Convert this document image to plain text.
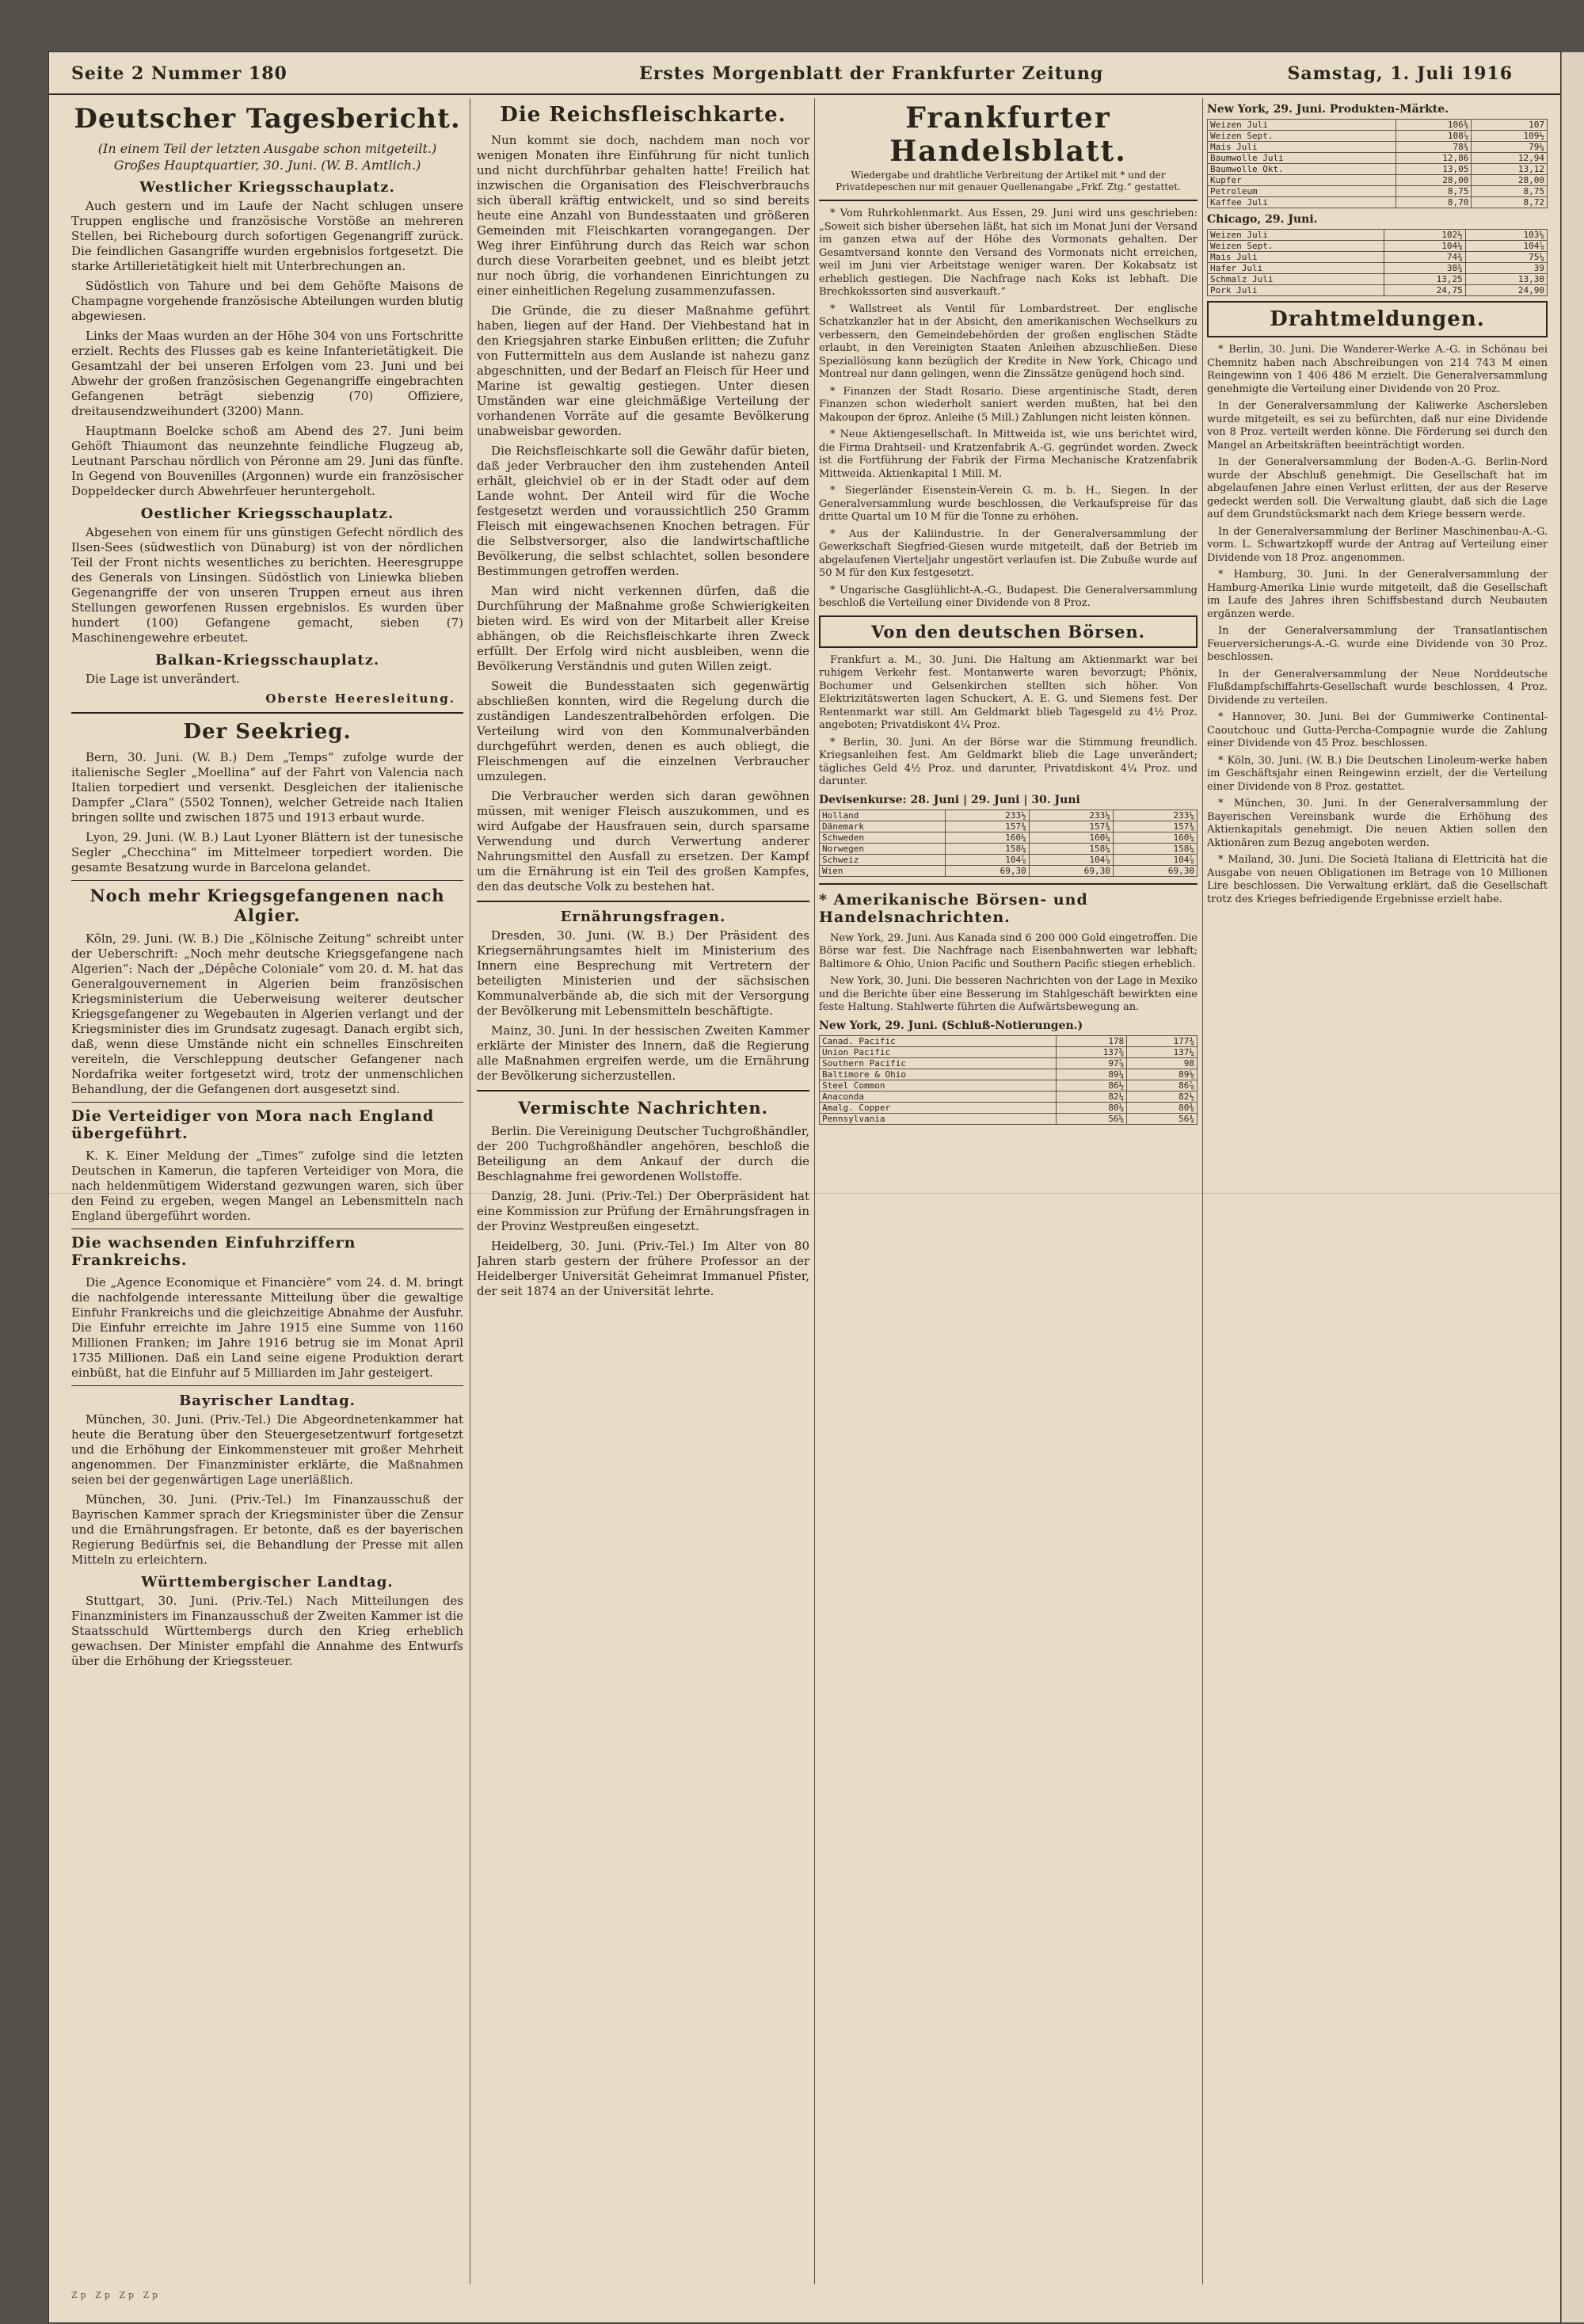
Seite 2 Nummer 180	Erstes Morgenblatt der Frankfurter Zeitung	Samstag, 1. Juli 1916
Deutscher Tagesbericht.
(In einem Teil der letzten Ausgabe schon mitgeteilt.)
Großes Hauptquartier, 30. Juni. (W. B. Amtlich.)
Westlicher Kriegsschauplatz.

Auch gestern und im Laufe der Nacht schlugen unsere Truppen englische und französische Vorstöße an mehreren Stellen, bei Richebourg durch sofortigen Gegenangriff zurück. Die feindlichen Gasangriffe wurden ergebnislos fortgesetzt. Die starke Artillerietätigkeit hielt mit Unterbrechungen an.

Südöstlich von Tahure und bei dem Gehöfte Maisons de Champagne vorgehende französische Abteilungen wurden blutig abgewiesen.

Links der Maas wurden an der Höhe 304 von uns Fortschritte erzielt. Rechts des Flusses gab es keine Infanterietätigkeit. Die Gesamtzahl der bei unseren Erfolgen vom 23. Juni und bei Abwehr der großen französischen Gegenangriffe eingebrachten Gefangenen beträgt siebenzig (70) Offiziere, dreitausendzweihundert (3200) Mann.

Hauptmann Boelcke schoß am Abend des 27. Juni beim Gehöft Thiaumont das neunzehnte feindliche Flugzeug ab, Leutnant Parschau nördlich von Péronne am 29. Juni das fünfte. In Gegend von Bouvenilles (Argonnen) wurde ein französischer Doppeldecker durch Abwehrfeuer heruntergeholt.

Oestlicher Kriegsschauplatz.

Abgesehen von einem für uns günstigen Gefecht nördlich des Ilsen-Sees (südwestlich von Dünaburg) ist von der nördlichen Teil der Front nichts wesentliches zu berichten. Heeresgruppe des Generals von Linsingen. Südöstlich von Liniewka blieben Gegenangriffe der von unseren Truppen erneut aus ihren Stellungen geworfenen Russen ergebnislos. Es wurden über hundert (100) Gefangene gemacht, sieben (7) Maschinengewehre erbeutet.

Balkan-Kriegsschauplatz.

Die Lage ist unverändert.

Oberste Heeresleitung.
Der Seekrieg.

Bern, 30. Juni. (W. B.) Dem „Temps“ zufolge wurde der italienische Segler „Moellina“ auf der Fahrt von Valencia nach Italien torpediert und versenkt. Desgleichen der italienische Dampfer „Clara“ (5502 Tonnen), welcher Getreide nach Italien bringen sollte und zwischen 1875 und 1913 erbaut wurde.

Lyon, 29. Juni. (W. B.) Laut Lyoner Blättern ist der tunesische Segler „Checchina“ im Mittelmeer torpediert worden. Die gesamte Besatzung wurde in Barcelona gelandet.

Noch mehr Kriegsgefangenen nach Algier.

Köln, 29. Juni. (W. B.) Die „Kölnische Zeitung“ schreibt unter der Ueberschrift: „Noch mehr deutsche Kriegsgefangene nach Algerien“: Nach der „Dépêche Coloniale“ vom 20. d. M. hat das Generalgouvernement in Algerien beim französischen Kriegsministerium die Ueberweisung weiterer deutscher Kriegsgefangener zu Wegebauten in Algerien verlangt und der Kriegsminister dies im Grundsatz zugesagt. Danach ergibt sich, daß, wenn diese Umstände nicht ein schnelles Einschreiten vereiteln, die Verschleppung deutscher Gefangener nach Nordafrika weiter fortgesetzt wird, trotz der unmenschlichen Behandlung, der die Gefangenen dort ausgesetzt sind.

Die Verteidiger von Mora nach England übergeführt.

K. K. Einer Meldung der „Times“ zufolge sind die letzten Deutschen in Kamerun, die tapferen Verteidiger von Mora, die nach heldenmütigem Widerstand gezwungen waren, sich über den Feind zu ergeben, wegen Mangel an Lebensmitteln nach England übergeführt worden.

Die wachsenden Einfuhrziffern Frankreichs.

Die „Agence Economique et Financière“ vom 24. d. M. bringt die nachfolgende interessante Mitteilung über die gewaltige Einfuhr Frankreichs und die gleichzeitige Abnahme der Ausfuhr. Die Einfuhr erreichte im Jahre 1915 eine Summe von 1160 Millionen Franken; im Jahre 1916 betrug sie im Monat April 1735 Millionen. Daß ein Land seine eigene Produktion derart einbüßt, hat die Einfuhr auf 5 Milliarden im Jahr gesteigert.

Bayrischer Landtag.

München, 30. Juni. (Priv.-Tel.) Die Abgeordnetenkammer hat heute die Beratung über den Steuergesetzentwurf fortgesetzt und die Erhöhung der Einkommensteuer mit großer Mehrheit angenommen. Der Finanzminister erklärte, die Maßnahmen seien bei der gegenwärtigen Lage unerläßlich.

München, 30. Juni. (Priv.-Tel.) Im Finanzausschuß der Bayrischen Kammer sprach der Kriegsminister über die Zensur und die Ernährungsfragen. Er betonte, daß es der bayerischen Regierung Bedürfnis sei, die Behandlung der Presse mit allen Mitteln zu erleichtern.

Württembergischer Landtag.

Stuttgart, 30. Juni. (Priv.-Tel.) Nach Mitteilungen des Finanzministers im Finanzausschuß der Zweiten Kammer ist die Staatsschuld Württembergs durch den Krieg erheblich gewachsen. Der Minister empfahl die Annahme des Entwurfs über die Erhöhung der Kriegssteuer.

Die Reichsfleischkarte.

Nun kommt sie doch, nachdem man noch vor wenigen Monaten ihre Einführung für nicht tunlich und nicht durchführbar gehalten hatte! Freilich hat inzwischen die Organisation des Fleischverbrauchs sich überall kräftig entwickelt, und so sind bereits heute eine Anzahl von Bundesstaaten und größeren Gemeinden mit Fleischkarten vorangegangen. Der Weg ihrer Einführung durch das Reich war schon durch diese Vorarbeiten geebnet, und es bleibt jetzt nur noch übrig, die vorhandenen Einrichtungen zu einer einheitlichen Regelung zusammenzufassen.

Die Gründe, die zu dieser Maßnahme geführt haben, liegen auf der Hand. Der Viehbestand hat in den Kriegsjahren starke Einbußen erlitten; die Zufuhr von Futtermitteln aus dem Auslande ist nahezu ganz abgeschnitten, und der Bedarf an Fleisch für Heer und Marine ist gewaltig gestiegen. Unter diesen Umständen war eine gleichmäßige Verteilung der vorhandenen Vorräte auf die gesamte Bevölkerung unabweisbar geworden.

Die Reichsfleischkarte soll die Gewähr dafür bieten, daß jeder Verbraucher den ihm zustehenden Anteil erhält, gleichviel ob er in der Stadt oder auf dem Lande wohnt. Der Anteil wird für die Woche festgesetzt werden und voraussichtlich 250 Gramm Fleisch mit eingewachsenen Knochen betragen. Für die Selbstversorger, also die landwirtschaftliche Bevölkerung, die selbst schlachtet, sollen besondere Bestimmungen getroffen werden.

Man wird nicht verkennen dürfen, daß die Durchführung der Maßnahme große Schwierigkeiten bieten wird. Es wird von der Mitarbeit aller Kreise abhängen, ob die Reichsfleischkarte ihren Zweck erfüllt. Der Erfolg wird nicht ausbleiben, wenn die Bevölkerung Verständnis und guten Willen zeigt.

Soweit die Bundesstaaten sich gegenwärtig abschließen konnten, wird die Regelung durch die zuständigen Landeszentralbehörden erfolgen. Die Verteilung wird von den Kommunalverbänden durchgeführt werden, denen es auch obliegt, die Fleischmengen auf die einzelnen Verbraucher umzulegen.

Die Verbraucher werden sich daran gewöhnen müssen, mit weniger Fleisch auszukommen, und es wird Aufgabe der Hausfrauen sein, durch sparsame Verwendung und durch Verwertung anderer Nahrungsmittel den Ausfall zu ersetzen. Der Kampf um die Ernährung ist ein Teil des großen Kampfes, den das deutsche Volk zu bestehen hat.

Ernährungsfragen.

Dresden, 30. Juni. (W. B.) Der Präsident des Kriegsernährungsamtes hielt im Ministerium des Innern eine Besprechung mit Vertretern der beteiligten Ministerien und der sächsischen Kommunalverbände ab, die sich mit der Versorgung der Bevölkerung mit Lebensmitteln beschäftigte.

Mainz, 30. Juni. In der hessischen Zweiten Kammer erklärte der Minister des Innern, daß die Regierung alle Maßnahmen ergreifen werde, um die Ernährung der Bevölkerung sicherzustellen.

Vermischte Nachrichten.

Berlin. Die Vereinigung Deutscher Tuchgroßhändler, der 200 Tuchgroßhändler angehören, beschloß die Beteiligung an dem Ankauf der durch die Beschlagnahme frei gewordenen Wollstoffe.

Danzig, 28. Juni. (Priv.-Tel.) Der Oberpräsident hat eine Kommission zur Prüfung der Ernährungsfragen in der Provinz Westpreußen eingesetzt.

Heidelberg, 30. Juni. (Priv.-Tel.) Im Alter von 80 Jahren starb gestern der frühere Professor an der Heidelberger Universität Geheimrat Immanuel Pfister, der seit 1874 an der Universität lehrte.

Frankfurter Handelsblatt.
Wiedergabe und drahtliche Verbreitung der Artikel mit * und der Privatdepeschen nur mit genauer Quellenangabe „Frkf. Ztg.“ gestattet.

* Vom Ruhrkohlenmarkt. Aus Essen, 29. Juni wird uns geschrieben: „Soweit sich bisher übersehen läßt, hat sich im Monat Juni der Versand im ganzen etwa auf der Höhe des Vormonats gehalten. Der Gesamtversand konnte den Versand des Vormonats nicht erreichen, weil im Juni vier Arbeitstage weniger waren. Der Kokabsatz ist erheblich gestiegen. Die Nachfrage nach Koks ist lebhaft. Die Brechkokssorten sind ausverkauft.“

* Wallstreet als Ventil für Lombardstreet. Der englische Schatzkanzler hat in der Absicht, den amerikanischen Wechselkurs zu verbessern, den Gemeindebehörden der großen englischen Städte erlaubt, in den Vereinigten Staaten Anleihen abzuschließen. Diese Speziallösung kann bezüglich der Kredite in New York, Chicago und Montreal nur dann gelingen, wenn die Zinssätze genügend hoch sind.

* Finanzen der Stadt Rosario. Diese argentinische Stadt, deren Finanzen schon wiederholt saniert werden mußten, hat bei den Makoupon der 6proz. Anleihe (5 Mill.) Zahlungen nicht leisten können.

* Neue Aktiengesellschaft. In Mittweida ist, wie uns berichtet wird, die Firma Drahtseil- und Kratzenfabrik A.-G. gegründet worden. Zweck ist die Fortführung der Fabrik der Firma Mechanische Kratzenfabrik Mittweida. Aktienkapital 1 Mill. M.

* Siegerländer Eisenstein-Verein G. m. b. H., Siegen. In der Generalversammlung wurde beschlossen, die Verkaufspreise für das dritte Quartal um 10 M für die Tonne zu erhöhen.

* Aus der Kaliindustrie. In der Generalversammlung der Gewerkschaft Siegfried-Giesen wurde mitgeteilt, daß der Betrieb im abgelaufenen Vierteljahr ungestört verlaufen ist. Die Zubuße wurde auf 50 M für den Kux festgesetzt.

* Ungarische Gasglühlicht-A.-G., Budapest. Die Generalversammlung beschloß die Verteilung einer Dividende von 8 Proz.

Von den deutschen Börsen.

Frankfurt a. M., 30. Juni. Die Haltung am Aktienmarkt war bei ruhigem Verkehr fest. Montanwerte waren bevorzugt; Phönix, Bochumer und Gelsenkirchen stellten sich höher. Von Elektrizitätswerten lagen Schuckert, A. E. G. und Siemens fest. Der Rentenmarkt war still. Am Geldmarkt blieb Tagesgeld zu 4½ Proz. angeboten; Privatdiskont 4¼ Proz.

* Berlin, 30. Juni. An der Börse war die Stimmung freundlich. Kriegsanleihen fest. Am Geldmarkt blieb die Lage unverändert; tägliches Geld 4½ Proz. und darunter, Privatdiskont 4¼ Proz. und darunter.

Devisenkurse: 28. Juni | 29. Juni | 30. Juni
Holland	233½	233¼	233¼
Dänemark	157¾	157¾	157¾
Schweden	160¼	160¼	160¼
Norwegen	158¼	158¼	158¼
Schweiz	104⅞	104⅞	104⅞
Wien	69,30	69,30	69,30
* Amerikanische Börsen- und Handelsnachrichten.

New York, 29. Juni. Aus Kanada sind 6 200 000 Gold eingetroffen. Die Börse war fest. Die Nachfrage nach Eisenbahnwerten war lebhaft; Baltimore & Ohio, Union Pacific und Southern Pacific stiegen erheblich.

New York, 30. Juni. Die besseren Nachrichten von der Lage in Mexiko und die Berichte über eine Besserung im Stahlgeschäft bewirkten eine feste Haltung. Stahlwerte führten die Aufwärtsbewegung an.

New York, 29. Juni. (Schluß-Notierungen.)
Canad. Pacific	178	177¾
Union Pacific	137⅜	137¼
Southern Pacific	97⅞	98
Baltimore & Ohio	89¼	89⅝
Steel Common	86½	86⅞
Anaconda	82¼	82½
Amalg. Copper	80⅛	80⅜
Pennsylvania	56⅝	56¾
New York, 29. Juni. Produkten-Märkte.
Weizen Juli	106⅜	107
Weizen Sept.	108⅞	109½
Mais Juli	78¾	79¼
Baumwolle Juli	12,86	12,94
Baumwolle Okt.	13,05	13,12
Kupfer	28,00	28,00
Petroleum	8,75	8,75
Kaffee Juli	8,70	8,72
Chicago, 29. Juni.
Weizen Juli	102½	103⅛
Weizen Sept.	104¼	104⅞
Mais Juli	74¾	75¼
Hafer Juli	38¾	39
Schmalz Juli	13,25	13,30
Pork Juli	24,75	24,90
Drahtmeldungen.

* Berlin, 30. Juni. Die Wanderer-Werke A.-G. in Schönau bei Chemnitz haben nach Abschreibungen von 214 743 M einen Reingewinn von 1 406 486 M erzielt. Die Generalversammlung genehmigte die Verteilung einer Dividende von 20 Proz.

In der Generalversammlung der Kaliwerke Aschersleben wurde mitgeteilt, es sei zu befürchten, daß nur eine Dividende von 8 Proz. verteilt werden könne. Die Förderung sei durch den Mangel an Arbeitskräften beeinträchtigt worden.

In der Generalversammlung der Boden-A.-G. Berlin-Nord wurde der Abschluß genehmigt. Die Gesellschaft hat im abgelaufenen Jahre einen Verlust erlitten, der aus der Reserve gedeckt werden soll. Die Verwaltung glaubt, daß sich die Lage auf dem Grundstücksmarkt nach dem Kriege bessern werde.

In der Generalversammlung der Berliner Maschinenbau-A.-G. vorm. L. Schwartzkopff wurde der Antrag auf Verteilung einer Dividende von 18 Proz. angenommen.

* Hamburg, 30. Juni. In der Generalversammlung der Hamburg-Amerika Linie wurde mitgeteilt, daß die Gesellschaft im Laufe des Jahres ihren Schiffsbestand durch Neubauten ergänzen werde.

In der Generalversammlung der Transatlantischen Feuerversicherungs-A.-G. wurde eine Dividende von 30 Proz. beschlossen.

In der Generalversammlung der Neue Norddeutsche Flußdampfschiffahrts-Gesellschaft wurde beschlossen, 4 Proz. Dividende zu verteilen.

* Hannover, 30. Juni. Bei der Gummiwerke Continental-Caoutchouc und Gutta-Percha-Compagnie wurde die Zahlung einer Dividende von 45 Proz. beschlossen.

* Köln, 30. Juni. (W. B.) Die Deutschen Linoleum-werke haben im Geschäftsjahr einen Reingewinn erzielt, der die Verteilung einer Dividende von 8 Proz. gestattet.

* München, 30. Juni. In der Generalversammlung der Bayerischen Vereinsbank wurde die Erhöhung des Aktienkapitals genehmigt. Die neuen Aktien sollen den Aktionären zum Bezug angeboten werden.

* Mailand, 30. Juni. Die Società Italiana di Elettricità hat die Ausgabe von neuen Obligationen im Betrage von 10 Millionen Lire beschlossen. Die Verwaltung erklärt, daß die Gesellschaft trotz des Krieges befriedigende Ergebnisse erzielt habe.

Zp Zp Zp Zp
